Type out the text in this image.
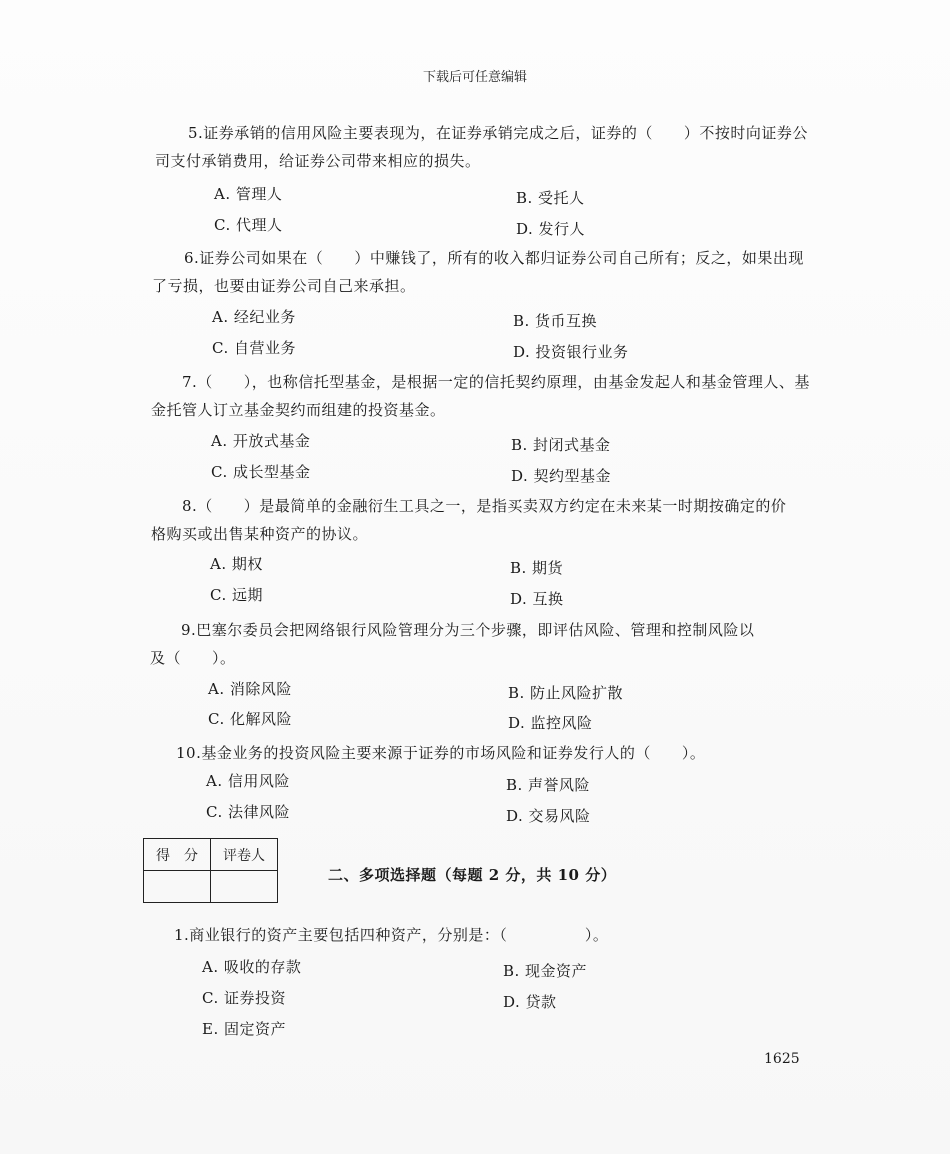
下载后可任意编辑
5.证券承销的信用风险主要表现为，在证券承销完成之后，证券的（　　）不按时向证券公
司支付承销费用，给证券公司带来相应的损失。
A. 管理人	B. 受托人
C. 代理人	D. 发行人
6.证券公司如果在（　　）中赚钱了，所有的收入都归证券公司自己所有；反之，如果出现
了亏损，也要由证券公司自己来承担。
A. 经纪业务	B. 货币互换
C. 自营业务	D. 投资银行业务
7.（　　），也称信托型基金，是根据一定的信托契约原理，由基金发起人和基金管理人、基
金托管人订立基金契约而组建的投资基金。
A. 开放式基金	B. 封闭式基金
C. 成长型基金	D. 契约型基金
8.（　　）是最简单的金融衍生工具之一，是指买卖双方约定在未来某一时期按确定的价
格购买或出售某种资产的协议。
A. 期权	B. 期货
C. 远期	D. 互换
9.巴塞尔委员会把网络银行风险管理分为三个步骤，即评估风险、管理和控制风险以
及（　　）。
A. 消除风险	B. 防止风险扩散
C. 化解风险	D. 监控风险
10.基金业务的投资风险主要来源于证券的市场风险和证券发行人的（　　）。
A. 信用风险	B. 声誉风险
C. 法律风险	D. 交易风险
得　分	评卷人

二、多项选择题（每题 2 分，共 10 分）
1.商业银行的资产主要包括四种资产，分别是：（　　　　　）。
A. 吸收的存款	B. 现金资产
C. 证券投资	D. 贷款
E. 固定资产
1625
